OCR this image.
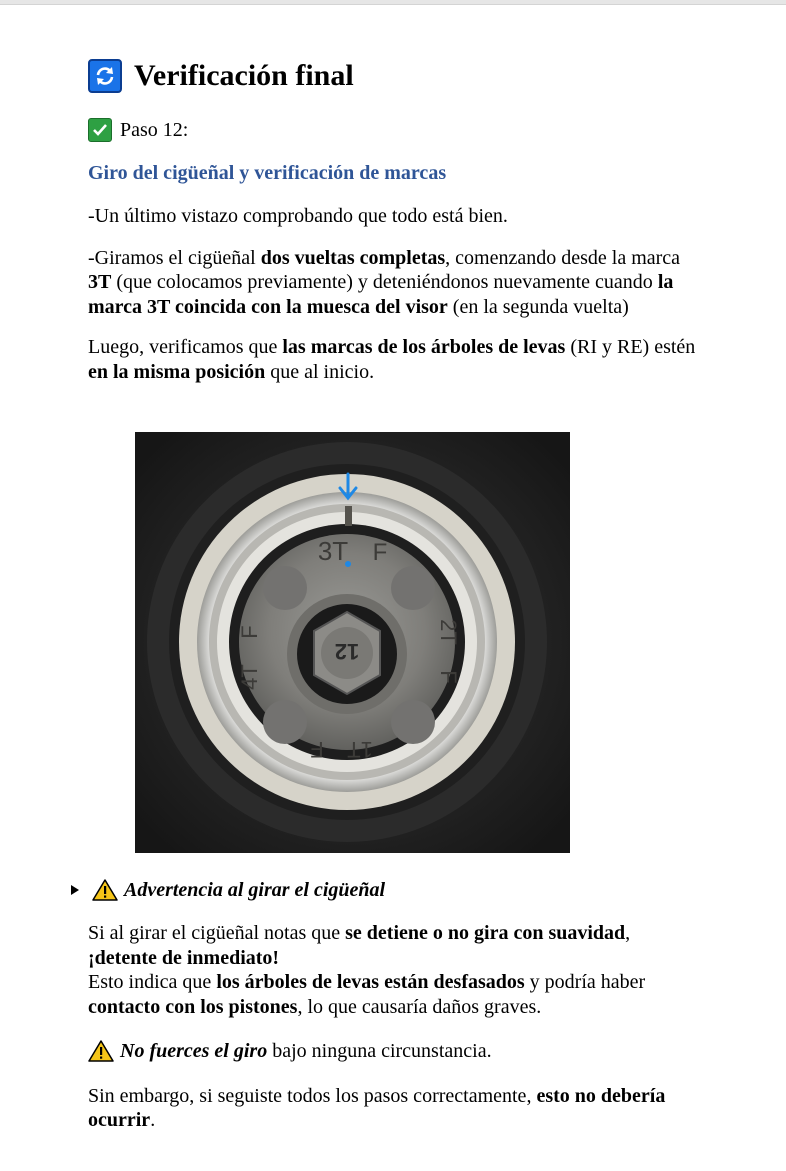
Verificación final
Paso 12:
Giro del cigüeñal y verificación de marcas

-Un último vistazo comprobando que todo está bien.

-Giramos el cigüeñal dos vueltas completas, comenzando desde la marca 3T (que colocamos previamente) y deteniéndonos nuevamente cuando la marca 3T coincida con la muesca del visor (en la segunda vuelta)

Luego, verificamos que las marcas de los árboles de levas (RI y RE) estén en la misma posición que al inicio.

12
3T F
2T
F
1T
F
4T
F
Advertencia al girar el cigüeñal

Si al girar el cigüeñal notas que se detiene o no gira con suavidad,
¡detente de inmediato!
Esto indica que los árboles de levas están desfasados y podría haber contacto con los pistones, lo que causaría daños graves.

No fuerces el giro bajo ninguna circunstancia.

Sin embargo, si seguiste todos los pasos correctamente, esto no debería ocurrir.
